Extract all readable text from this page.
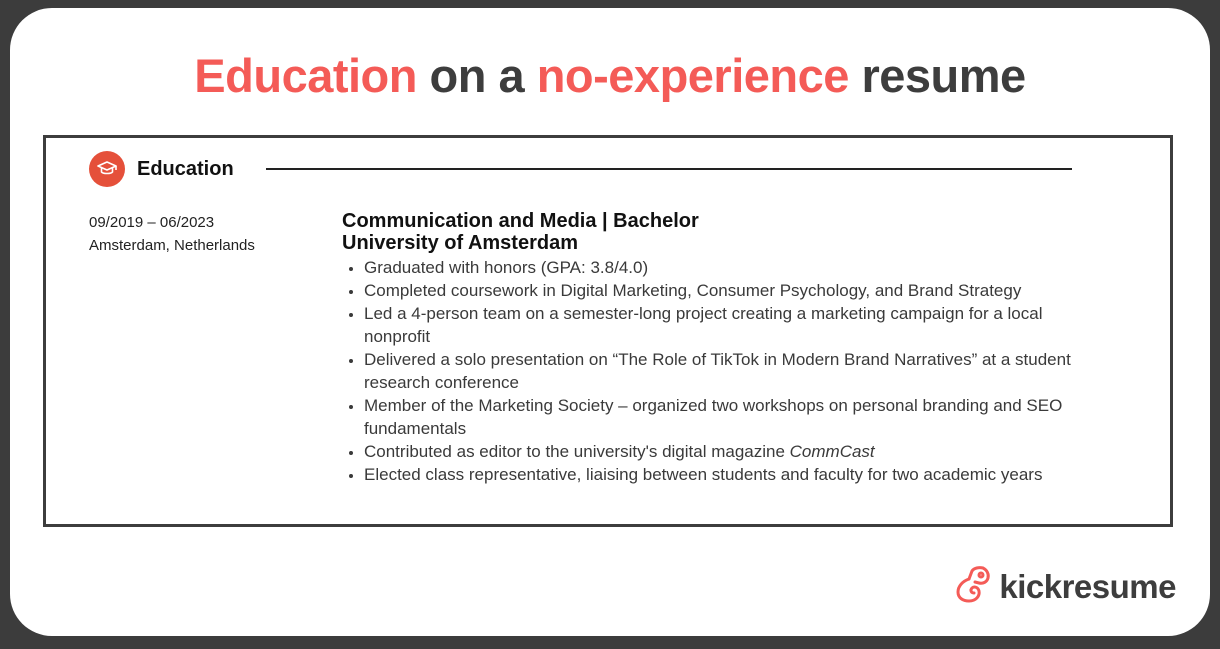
Education on a no-experience resume
Education
09/2019 – 06/2023
Amsterdam, Netherlands
Communication and Media | Bachelor
University of Amsterdam
• Graduated with honors (GPA: 3.8/4.0)
• Completed coursework in Digital Marketing, Consumer Psychology, and Brand Strategy
• Led a 4-person team on a semester-long project creating a marketing campaign for a local nonprofit
• Delivered a solo presentation on “The Role of TikTok in Modern Brand Narratives” at a student research conference
• Member of the Marketing Society – organized two workshops on personal branding and SEO fundamentals
• Contributed as editor to the university's digital magazine CommCast
• Elected class representative, liaising between students and faculty for two academic years
kickresume
